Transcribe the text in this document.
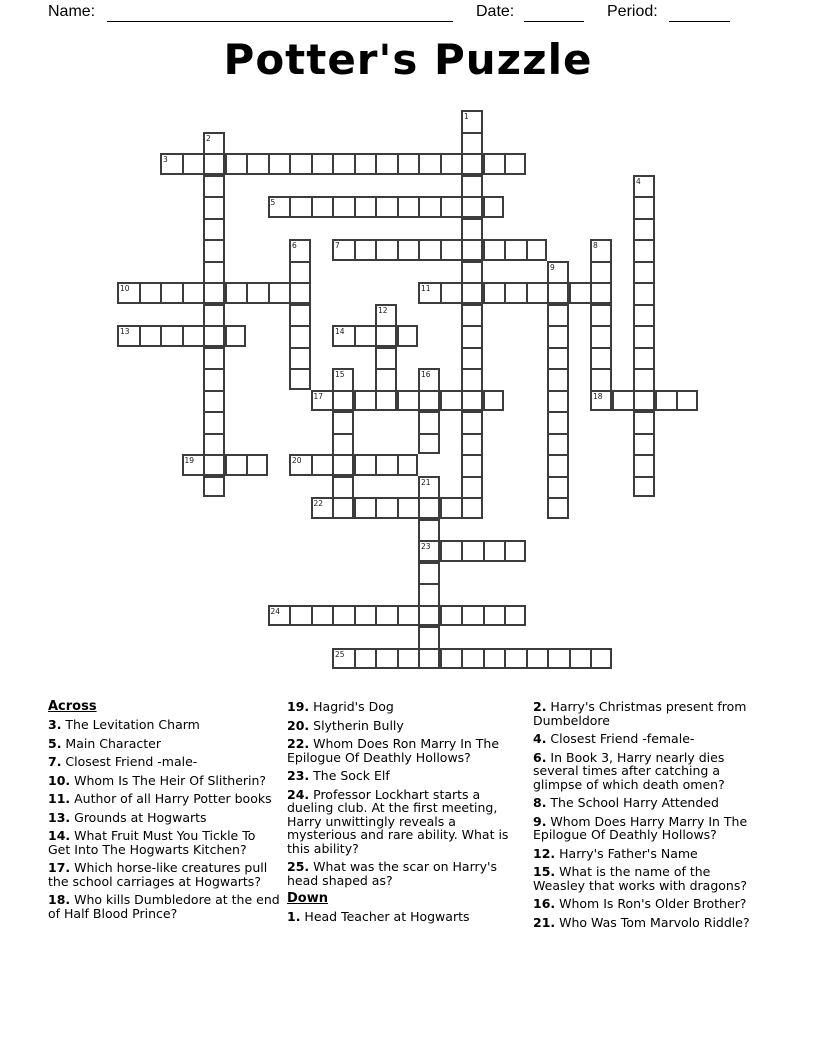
Name:	Date:	Period:
Potter's Puzzle
1
2
3
4
5
6	7	8
9
10	11
12
13	14
15	16
17	18
19	20
21
22
23
24
25
Across
3. The Levitation Charm
5. Main Character
7. Closest Friend -male-
10. Whom Is The Heir Of Slitherin?
11. Author of all Harry Potter books
13. Grounds at Hogwarts
14. What Fruit Must You Tickle To Get Into The Hogwarts Kitchen?
17. Which horse-like creatures pull the school carriages at Hogwarts?
18. Who kills Dumbledore at the end of Half Blood Prince?
19. Hagrid's Dog
20. Slytherin Bully
22. Whom Does Ron Marry In The Epilogue Of Deathly Hollows?
23. The Sock Elf
24. Professor Lockhart starts a dueling club. At the first meeting, Harry unwittingly reveals a mysterious and rare ability. What is this ability?
25. What was the scar on Harry's head shaped as?
Down
1. Head Teacher at Hogwarts
2. Harry's Christmas present from Dumbeldore
4. Closest Friend -female-
6. In Book 3, Harry nearly dies several times after catching a glimpse of which death omen?
8. The School Harry Attended
9. Whom Does Harry Marry In The Epilogue Of Deathly Hollows?
12. Harry's Father's Name
15. What is the name of the Weasley that works with dragons?
16. Whom Is Ron's Older Brother?
21. Who Was Tom Marvolo Riddle?
